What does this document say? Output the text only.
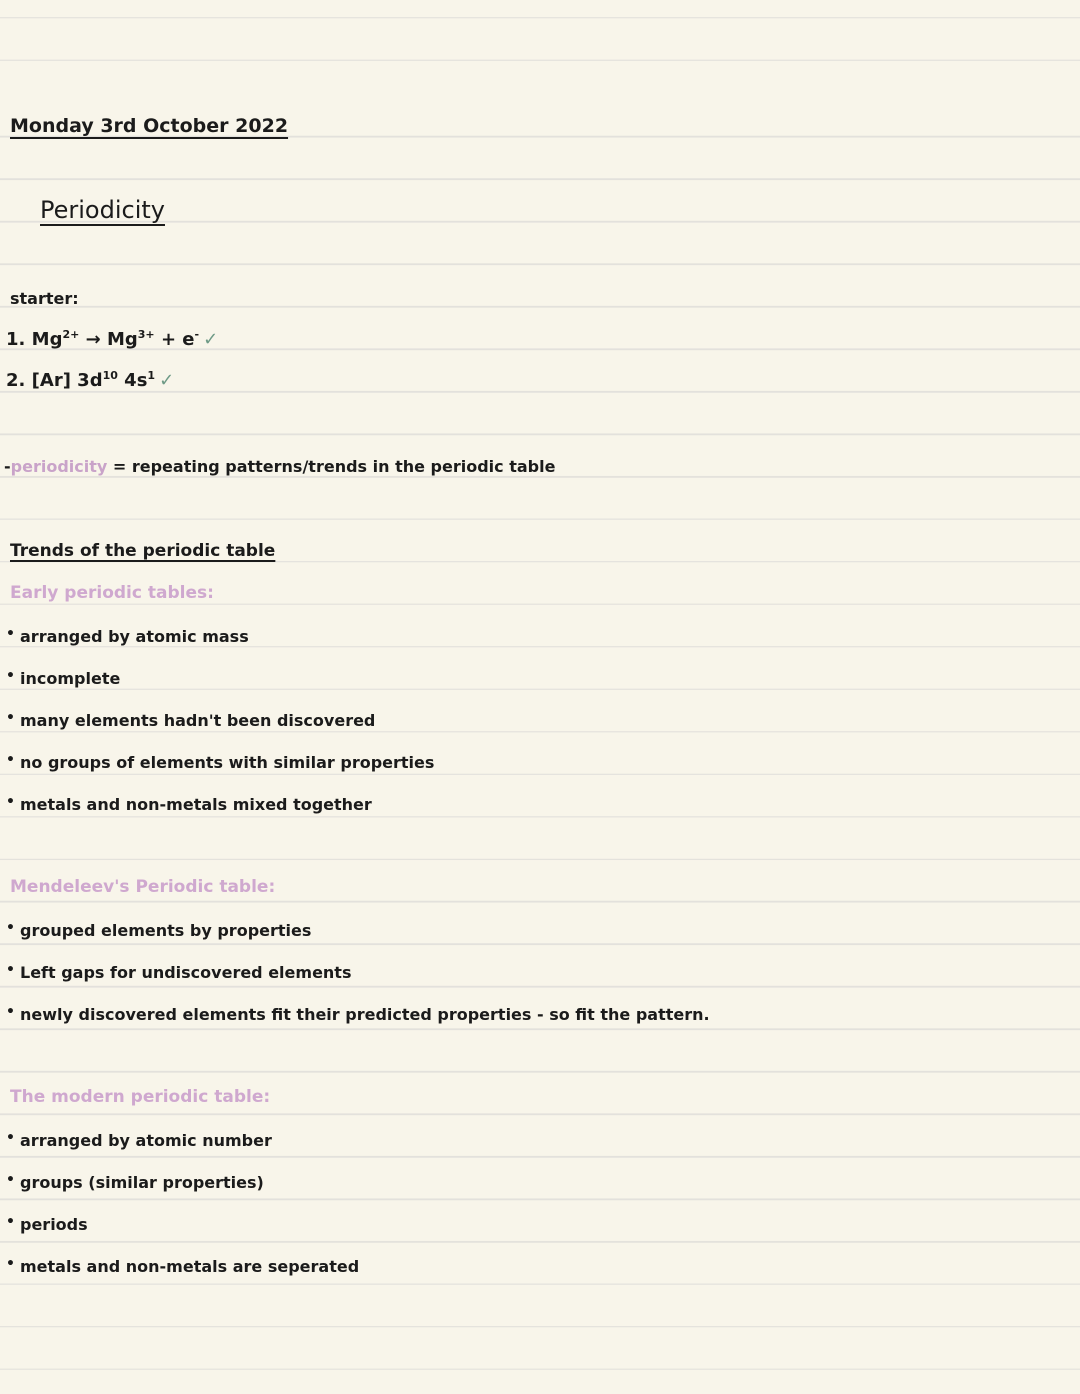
Monday 3rd October 2022
Periodicity
starter:
1. $Mg^{2+} \to Mg^{3+} + e^-$ ✓
2. [Ar] $3d^{10}$ $4s^1$ ✓
-periodicity = repeating patterns/trends in the periodic table
Trends of the periodic table
Early periodic tables:
• arranged by atomic mass
• incomplete
• many elements hadn't been discovered
• no groups of elements with similar properties
• metals and non-metals mixed together
Mendeleev's Periodic table:
• grouped elements by properties
• Left gaps for undiscovered elements
• newly discovered elements fit their predicted properties - so fit the pattern.
The modern periodic table:
• arranged by atomic number
• groups (similar properties)
• periods
• metals and non-metals are seperated
